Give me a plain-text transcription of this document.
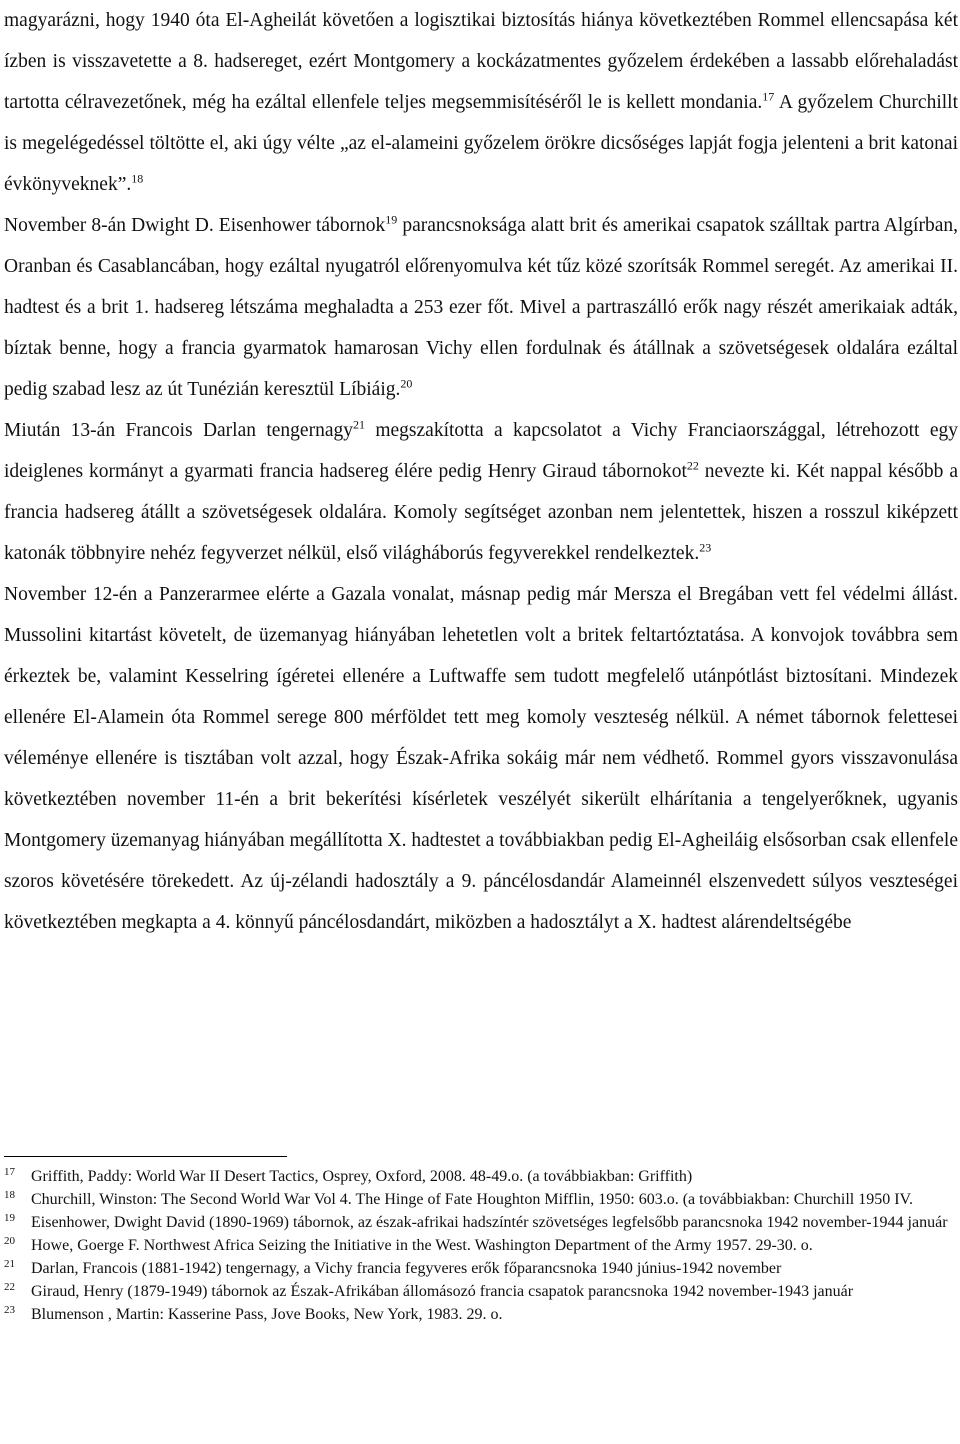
magyarázni, hogy 1940 óta El-Agheilát követően a logisztikai biztosítás hiánya következtében Rommel ellencsapása két ízben is visszavetette a 8. hadsereget, ezért Montgomery a kockázatmentes győzelem érdekében a lassabb előrehaladást tartotta célravezetőnek, még ha ezáltal ellenfele teljes megsemmisítéséről le is kellett mondania.$^{17}$ A győzelem Churchillt is megelégedéssel töltötte el, aki úgy vélte „az el-alameini győzelem örökre dicsőséges lapját fogja jelenteni a brit katonai évkönyveknek”.$^{18}$

November 8-án Dwight D. Eisenhower tábornok$^{19}$ parancsnoksága alatt brit és amerikai csapatok szálltak partra Algírban, Oranban és Casablancában, hogy ezáltal nyugatról előrenyomulva két tűz közé szorítsák Rommel seregét. Az amerikai II. hadtest és a brit 1. hadsereg létszáma meghaladta a 253 ezer főt. Mivel a partraszálló erők nagy részét amerikaiak adták, bíztak benne, hogy a francia gyarmatok hamarosan Vichy ellen fordulnak és átállnak a szövetségesek oldalára ezáltal pedig szabad lesz az út Tunézián keresztül Líbiáig.$^{20}$

Miután 13-án Francois Darlan tengernagy$^{21}$ megszakította a kapcsolatot a Vichy Franciaországgal, létrehozott egy ideiglenes kormányt a gyarmati francia hadsereg élére pedig Henry Giraud tábornokot$^{22}$ nevezte ki. Két nappal később a francia hadsereg átállt a szövetségesek oldalára. Komoly segítséget azonban nem jelentettek, hiszen a rosszul kiképzett katonák többnyire nehéz fegyverzet nélkül, első világháborús fegyverekkel rendelkeztek.$^{23}$

November 12-én a Panzerarmee elérte a Gazala vonalat, másnap pedig már Mersza el Bregában vett fel védelmi állást. Mussolini kitartást követelt, de üzemanyag hiányában lehetetlen volt a britek feltartóztatása. A konvojok továbbra sem érkeztek be, valamint Kesselring ígéretei ellenére a Luftwaffe sem tudott megfelelő utánpótlást biztosítani. Mindezek ellenére El-Alamein óta Rommel serege 800 mérföldet tett meg komoly veszteség nélkül. A német tábornok felettesei véleménye ellenére is tisztában volt azzal, hogy Észak-Afrika sokáig már nem védhető. Rommel gyors visszavonulása következtében november 11-én a brit bekerítési kísérletek veszélyét sikerült elhárítania a tengelyerőknek, ugyanis Montgomery üzemanyag hiányában megállította X. hadtestet a továbbiakban pedig El-Agheiláig elsősorban csak ellenfele szoros követésére törekedett. Az új-zélandi hadosztály a 9. páncélosdandár Alameinnél elszenvedett súlyos veszteségei következtében megkapta a 4. könnyű páncélosdandárt, miközben a hadosztályt a X. hadtest alárendeltségébe

17 Griffith, Paddy: World War II Desert Tactics, Osprey, Oxford, 2008. 48-49.o. (a továbbiakban: Griffith)
18 Churchill, Winston: The Second World War Vol 4. The Hinge of Fate Houghton Mifflin, 1950: 603.o. (a továbbiakban: Churchill 1950 IV.
19 Eisenhower, Dwight David (1890-1969) tábornok, az észak-afrikai hadszíntér szövetséges legfelsőbb parancsnoka 1942 november-1944 január
20 Howe, Goerge F. Northwest Africa Seizing the Initiative in the West. Washington Department of the Army 1957. 29-30. o.
21 Darlan, Francois (1881-1942) tengernagy, a Vichy francia fegyveres erők főparancsnoka 1940 június-1942 november
22 Giraud, Henry (1879-1949) tábornok az Észak-Afrikában állomásozó francia csapatok parancsnoka 1942 november-1943 január
23 Blumenson , Martin: Kasserine Pass, Jove Books, New York, 1983. 29. o.
